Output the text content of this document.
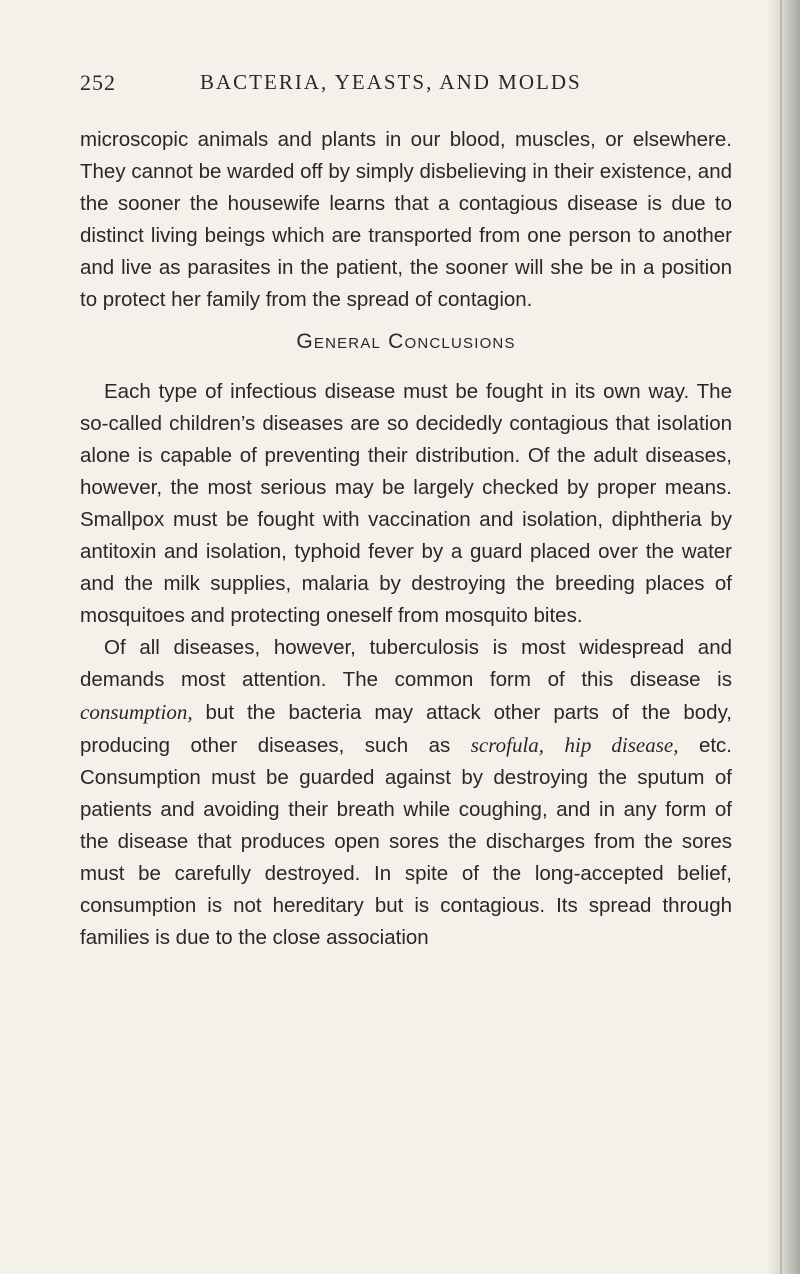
252	BACTERIA, YEASTS, AND MOLDS

microscopic animals and plants in our blood, muscles, or elsewhere. They cannot be warded off by simply disbelieving in their existence, and the sooner the housewife learns that a contagious disease is due to distinct living beings which are transported from one person to another and live as parasites in the patient, the sooner will she be in a position to protect her family from the spread of contagion.

General Conclusions

Each type of infectious disease must be fought in its own way. The so-called children’s diseases are so decidedly contagious that isolation alone is capable of preventing their distribution. Of the adult diseases, however, the most serious may be largely checked by proper means. Smallpox must be fought with vaccination and isolation, diphtheria by antitoxin and isolation, typhoid fever by a guard placed over the water and the milk supplies, malaria by destroying the breeding places of mosquitoes and protecting oneself from mosquito bites.

Of all diseases, however, tuberculosis is most widespread and demands most attention. The common form of this disease is consumption, but the bacteria may attack other parts of the body, producing other diseases, such as scrofula, hip disease, etc. Consumption must be guarded against by destroying the sputum of patients and avoiding their breath while coughing, and in any form of the disease that produces open sores the discharges from the sores must be carefully destroyed. In spite of the long-accepted belief, consumption is not hereditary but is contagious. Its spread through families is due to the close association
